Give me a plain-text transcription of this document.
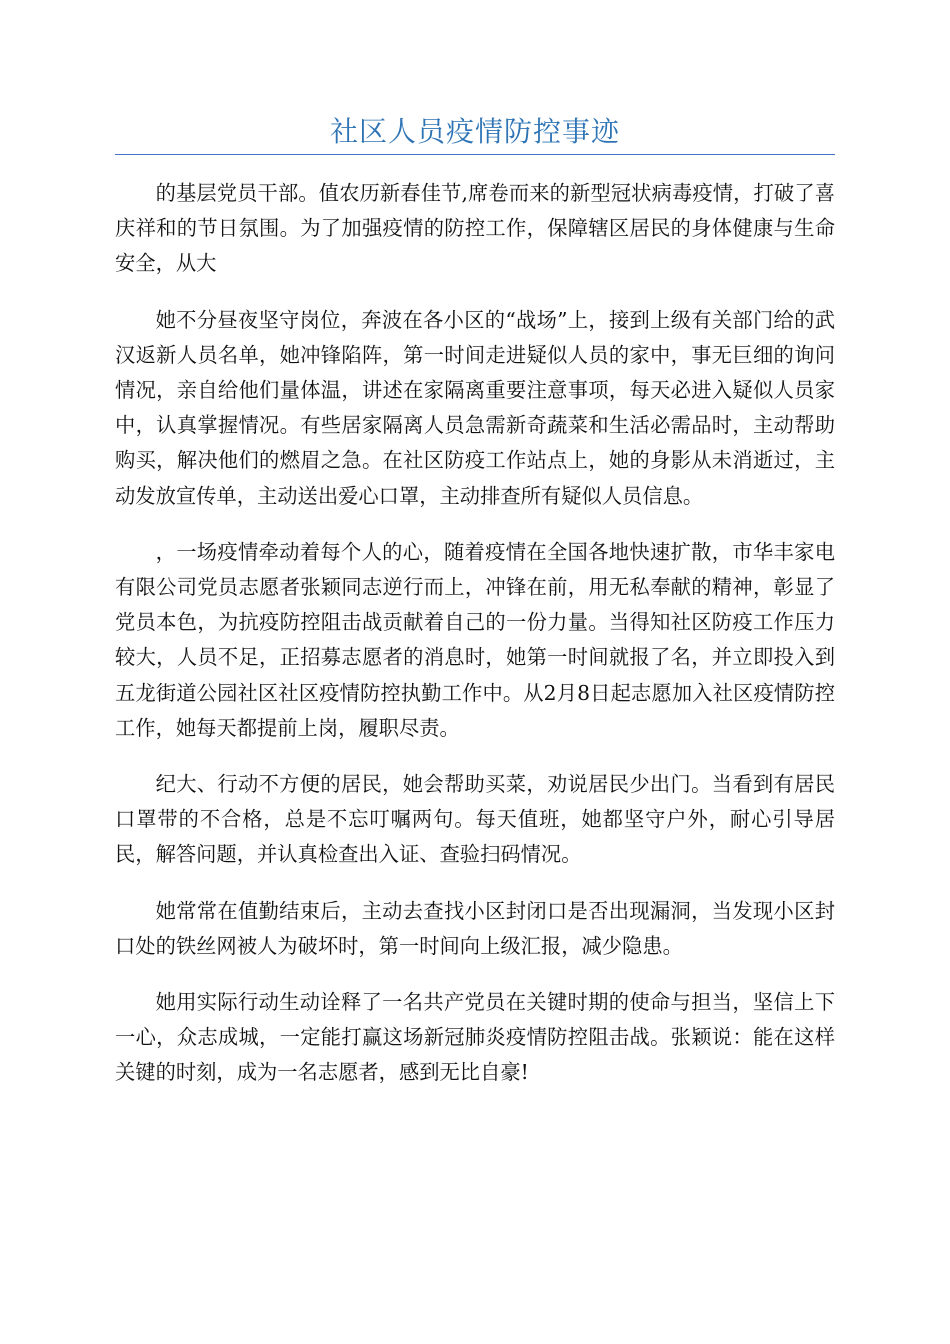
社区人员疫情防控事迹

的基层党员干部。值农历新春佳节,席卷而来的新型冠状病毒疫情，打破了喜庆祥和的节日氛围。为了加强疫情的防控工作，保障辖区居民的身体健康与生命安全，从大

她不分昼夜坚守岗位，奔波在各小区的“战场”上，接到上级有关部门给的武汉返新人员名单，她冲锋陷阵，第一时间走进疑似人员的家中，事无巨细的询问情况，亲自给他们量体温，讲述在家隔离重要注意事项，每天必进入疑似人员家中，认真掌握情况。有些居家隔离人员急需新奇蔬菜和生活必需品时，主动帮助购买，解决他们的燃眉之急。在社区防疫工作站点上，她的身影从未消逝过，主动发放宣传单，主动送出爱心口罩，主动排查所有疑似人员信息。

，一场疫情牵动着每个人的心，随着疫情在全国各地快速扩散，市华丰家电有限公司党员志愿者张颖同志逆行而上，冲锋在前，用无私奉献的精神，彰显了党员本色，为抗疫防控阻击战贡献着自己的一份力量。当得知社区防疫工作压力较大，人员不足，正招募志愿者的消息时，她第一时间就报了名，并立即投入到五龙街道公园社区社区疫情防控执勤工作中。从2月8日起志愿加入社区疫情防控工作，她每天都提前上岗，履职尽责。

纪大、行动不方便的居民，她会帮助买菜，劝说居民少出门。当看到有居民口罩带的不合格，总是不忘叮嘱两句。每天值班，她都坚守户外，耐心引导居民，解答问题，并认真检查出入证、查验扫码情况。

她常常在值勤结束后，主动去查找小区封闭口是否出现漏洞，当发现小区封口处的铁丝网被人为破坏时，第一时间向上级汇报，减少隐患。

她用实际行动生动诠释了一名共产党员在关键时期的使命与担当，坚信上下一心，众志成城，一定能打赢这场新冠肺炎疫情防控阻击战。张颖说：能在这样关键的时刻，成为一名志愿者，感到无比自豪!
